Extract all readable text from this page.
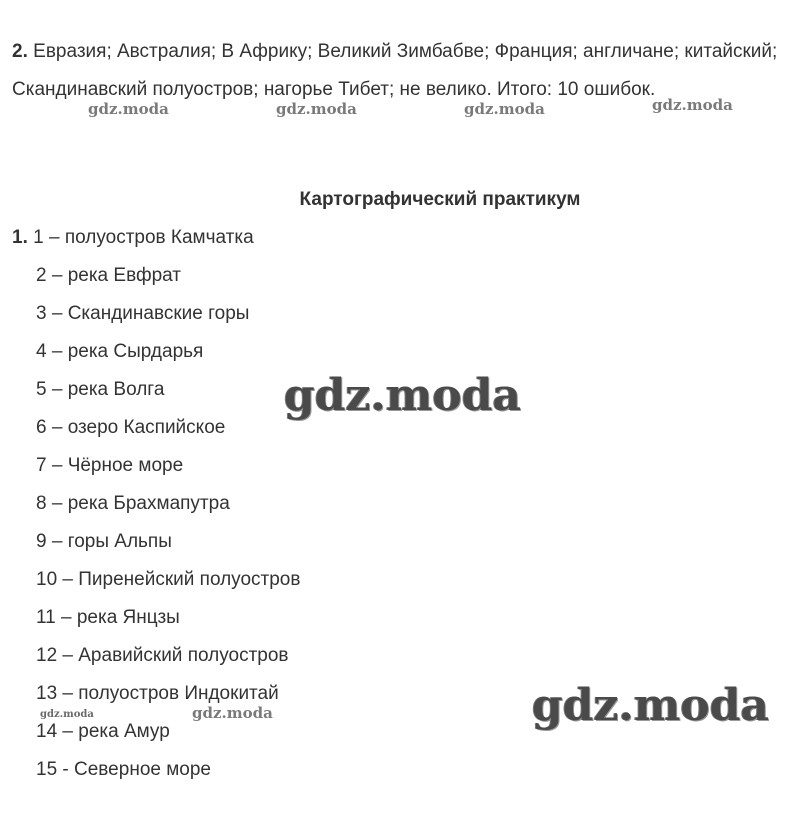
2. Евразия; Австралия; В Африку; Великий Зимбабве; Франция; англичане; китайский; Скандинавский полуостров; нагорье Тибет; не велико. Итого: 10 ошибок.

Картографический практикум
1. 1 – полуостров Камчатка
2 – река Евфрат
3 – Скандинавские горы
4 – река Сырдарья
5 – река Волга
6 – озеро Каспийское
7 – Чёрное море
8 – река Брахмапутра
9 – горы Альпы
10 – Пиренейский полуостров
11 – река Янцзы
12 – Аравийский полуостров
13 – полуостров Индокитай
14 – река Амур
15 - Северное море
gdz.moda	gdz.moda	gdz.moda	gdz.moda
gdz.moda
gdz.moda
gdz.moda	gdz.moda
